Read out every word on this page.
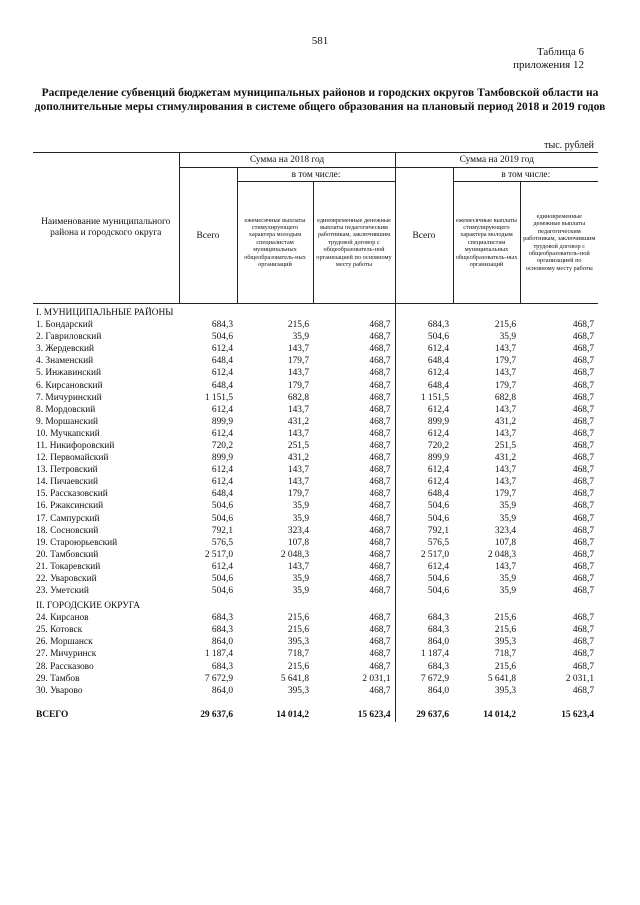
581
Таблица 6
приложения 12
Распределение субвенций бюджетам муниципальных районов и городских округов Тамбовской области на дополнительные меры стимулирования в системе общего образования на плановый период 2018 и 2019 годов
тыс. рублей
Наименование муниципального района и городского округа	Сумма на 2018 год			Сумма на 2019 год		
	Всего	в том числе:		Всего	в том числе:	
		ежемесячные выплаты стимулирующего характера молодым специалистам муниципальных общеобразователь-ных организаций	единовременные денежные выплаты педагогическим работникам, заключившим трудовой договор с общеобразователь-ной организацией по основному месту работы		ежемесячные выплаты стимулирующего характера молодым специалистам муниципальных общеобразователь-ных организаций	единовременные денежные выплаты педагогическим работникам, заключившим трудовой договор с общеобразователь-ной организацией по основному месту работы
I. МУНИЦИПАЛЬНЫЕ РАЙОНЫ						
1. Бондарский	684,3	215,6	468,7	684,3	215,6	468,7
2. Гавриловский	504,6	35,9	468,7	504,6	35,9	468,7
3. Жердевский	612,4	143,7	468,7	612,4	143,7	468,7
4. Знаменский	648,4	179,7	468,7	648,4	179,7	468,7
5. Инжавинский	612,4	143,7	468,7	612,4	143,7	468,7
6. Кирсановский	648,4	179,7	468,7	648,4	179,7	468,7
7. Мичуринский	1 151,5	682,8	468,7	1 151,5	682,8	468,7
8. Мордовский	612,4	143,7	468,7	612,4	143,7	468,7
9. Моршанский	899,9	431,2	468,7	899,9	431,2	468,7
10. Мучкапский	612,4	143,7	468,7	612,4	143,7	468,7
11. Никифоровский	720,2	251,5	468,7	720,2	251,5	468,7
12. Первомайский	899,9	431,2	468,7	899,9	431,2	468,7
13. Петровский	612,4	143,7	468,7	612,4	143,7	468,7
14. Пичаевский	612,4	143,7	468,7	612,4	143,7	468,7
15. Рассказовский	648,4	179,7	468,7	648,4	179,7	468,7
16. Ржаксинский	504,6	35,9	468,7	504,6	35,9	468,7
17. Сампурский	504,6	35,9	468,7	504,6	35,9	468,7
18. Сосновский	792,1	323,4	468,7	792,1	323,4	468,7
19. Староюрьевский	576,5	107,8	468,7	576,5	107,8	468,7
20. Тамбовский	2 517,0	2 048,3	468,7	2 517,0	2 048,3	468,7
21. Токаревский	612,4	143,7	468,7	612,4	143,7	468,7
22. Уваровский	504,6	35,9	468,7	504,6	35,9	468,7
23. Уметский	504,6	35,9	468,7	504,6	35,9	468,7
II. ГОРОДСКИЕ ОКРУГА						
24. Кирсанов	684,3	215,6	468,7	684,3	215,6	468,7
25. Котовск	684,3	215,6	468,7	684,3	215,6	468,7
26. Моршанск	864,0	395,3	468,7	864,0	395,3	468,7
27. Мичуринск	1 187,4	718,7	468,7	1 187,4	718,7	468,7
28. Рассказово	684,3	215,6	468,7	684,3	215,6	468,7
29. Тамбов	7 672,9	5 641,8	2 031,1	7 672,9	5 641,8	2 031,1
30. Уварово	864,0	395,3	468,7	864,0	395,3	468,7

ВСЕГО	29 637,6	14 014,2	15 623,4	29 637,6	14 014,2	15 623,4
